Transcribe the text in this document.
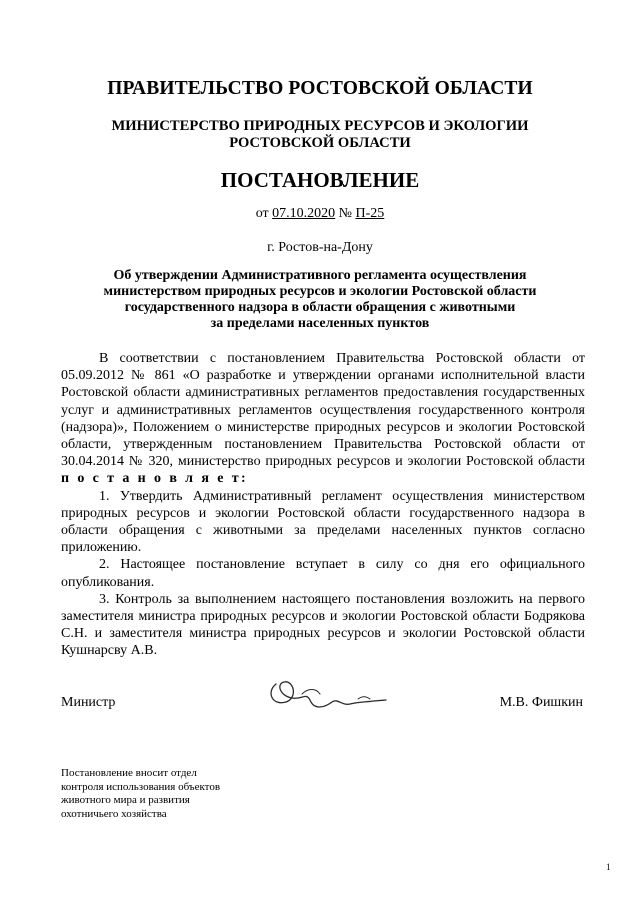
ПРАВИТЕЛЬСТВО РОСТОВСКОЙ ОБЛАСТИ
МИНИСТЕРСТВО ПРИРОДНЫХ РЕСУРСОВ И ЭКОЛОГИИ
РОСТОВСКОЙ ОБЛАСТИ
ПОСТАНОВЛЕНИЕ
от 07.10.2020 № П-25
г. Ростов-на-Дону
Об утверждении Административного регламента осуществления
министерством природных ресурсов и экологии Ростовской области
государственного надзора в области обращения с животными
за пределами населенных пунктов

В соответствии с постановлением Правительства Ростовской области от 05.09.2012 № 861 «О разработке и утверждении органами исполнительной власти Ростовской области административных регламентов предоставления государственных услуг и административных регламентов осуществления государственного контроля (надзора)», Положением о министерстве природных ресурсов и экологии Ростовской области, утвержденным постановлением Правительства Ростовской области от 30.04.2014 № 320, министерство природных ресурсов и экологии Ростовской области п о с т а н о в л я е т:

1. Утвердить Административный регламент осуществления министерством природных ресурсов и экологии Ростовской области государственного надзора в области обращения с животными за пределами населенных пунктов согласно приложению.

2. Настоящее постановление вступает в силу со дня его официального опубликования.

3. Контроль за выполнением настоящего постановления возложить на первого заместителя министра природных ресурсов и экологии Ростовской области Бодрякова С.Н. и заместителя министра природных ресурсов и экологии Ростовской области Кушнарсву А.В.

Министр	М.В. Фишкин
Постановление вносит отдел
контроля использования объектов
животного мира и развития
охотничьего хозяйства
1
